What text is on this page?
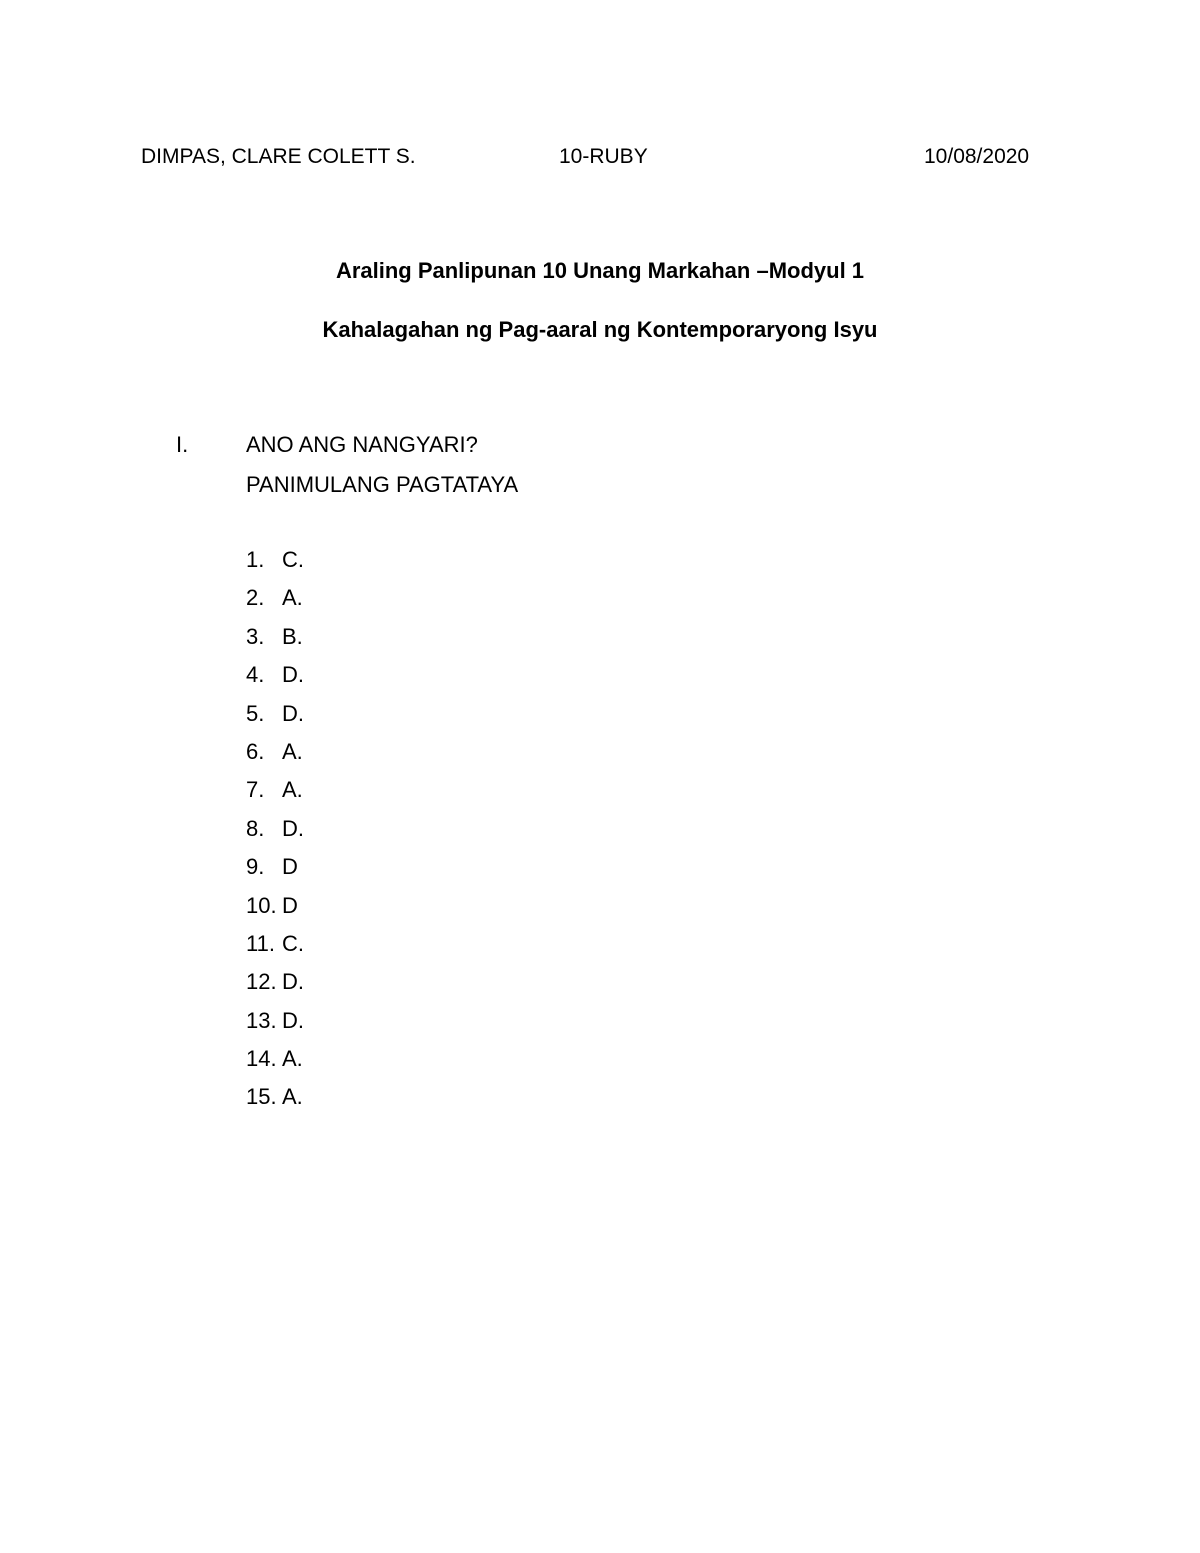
DIMPAS, CLARE COLETT S.	10-RUBY	10/08/2020
Araling Panlipunan 10 Unang Markahan –Modyul 1
Kahalagahan ng Pag-aaral ng Kontemporaryong Isyu
I.	ANO ANG NANGYARI?
PANIMULANG PAGTATAYA
1. C.
2. A.
3. B.
4. D.
5. D.
6. A.
7. A.
8. D.
9. D
10. D
11. C.
12. D.
13. D.
14. A.
15. A.
